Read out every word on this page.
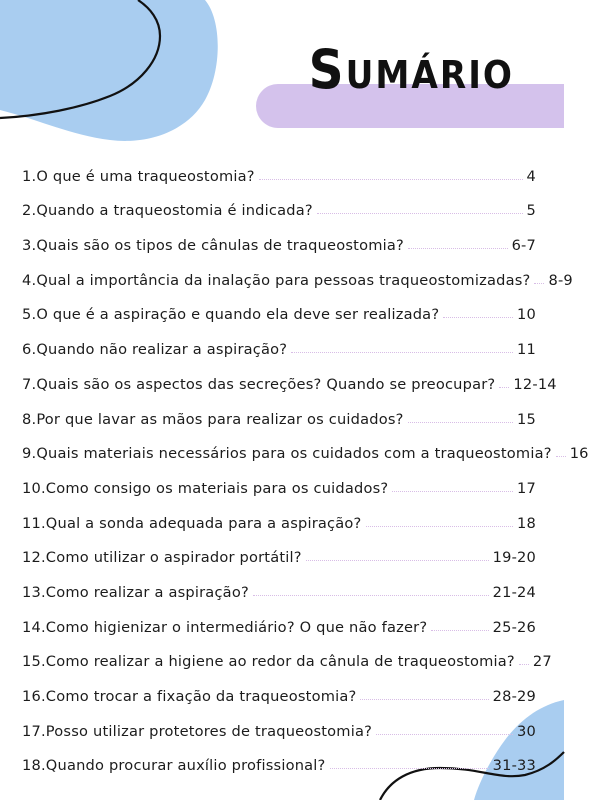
Sumário
1.O que é uma traqueostomia?	4
2.Quando a traqueostomia é indicada?	5
3.Quais são os tipos de cânulas de traqueostomia?	6-7
4.Qual a importância da inalação para pessoas traqueostomizadas? 8-9
5.O que é a aspiração e quando ela deve ser realizada?	10
6.Quando não realizar a aspiração?	11
7.Quais são os aspectos das secreções? Quando se preocupar? 12-14
8.Por que lavar as mãos para realizar os cuidados?	15
9.Quais materiais necessários para os cuidados com a traqueostomia? 16
10.Como consigo os materiais para os cuidados?	17
11.Qual a sonda adequada para a aspiração?	18
12.Como utilizar o aspirador portátil?	19-20
13.Como realizar a aspiração?	21-24
14.Como higienizar o intermediário? O que não fazer?	25-26
15.Como realizar a higiene ao redor da cânula de traqueostomia? 27
16.Como trocar a fixação da traqueostomia?	28-29
17.Posso utilizar protetores de traqueostomia?	30
18.Quando procurar auxílio profissional?	31-33
